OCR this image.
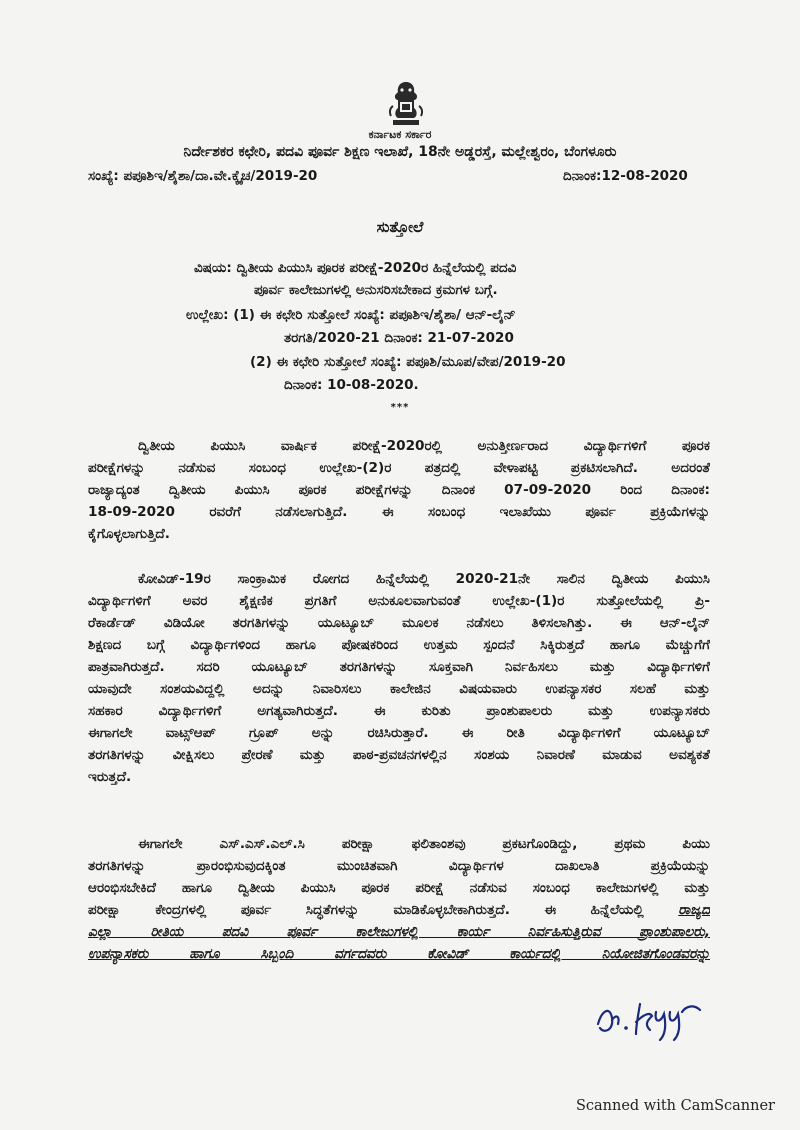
ಕರ್ನಾಟಕ ಸರ್ಕಾರ
ನಿರ್ದೇಶಕರ ಕಛೇರಿ, ಪದವಿ ಪೂರ್ವ ಶಿಕ್ಷಣ ಇಲಾಖೆ, 18ನೇ ಅಡ್ಡರಸ್ತೆ, ಮಲ್ಲೇಶ್ವರಂ, ಬೆಂಗಳೂರು
ಸಂಖ್ಯೆ: ಪಪೂಶಿಇ/ಶೈಶಾ/ದಾ.ವೇ.ಕ್ಕೈಚ/2019-20	ದಿನಾಂಕ:12-08-2020
ಸುತ್ತೋಲೆ
ವಿಷಯ: ದ್ವಿತೀಯ ಪಿಯುಸಿ ಪೂರಕ ಪರೀಕ್ಷೆ-2020ರ ಹಿನ್ನೆಲೆಯಲ್ಲಿ ಪದವಿ
ಪೂರ್ವ ಕಾಲೇಜುಗಳಲ್ಲಿ ಅನುಸರಿಸಬೇಕಾದ ಕ್ರಮಗಳ ಬಗ್ಗೆ.
ಉಲ್ಲೇಖ: (1) ಈ ಕಛೇರಿ ಸುತ್ತೋಲೆ ಸಂಖ್ಯೆ: ಪಪೂಶಿಇ/ಶೈಶಾ/ ಆನ್-ಲೈನ್
ತರಗತಿ/2020-21 ದಿನಾಂಕ: 21-07-2020
(2) ಈ ಕಛೇರಿ ಸುತ್ತೋಲೆ ಸಂಖ್ಯೆ: ಪಪೂಶಿ/ಮೂಪ/ವೇಪ/2019-20
ದಿನಾಂಕ: 10-08-2020.
***
ದ್ವಿತೀಯ ಪಿಯುಸಿ ವಾರ್ಷಿಕ ಪರೀಕ್ಷೆ-2020ರಲ್ಲಿ ಅನುತ್ತೀರ್ಣರಾದ ವಿದ್ಯಾರ್ಥಿಗಳಿಗೆ ಪೂರಕ
ಪರೀಕ್ಷೆಗಳನ್ನು ನಡೆಸುವ ಸಂಬಂಧ ಉಲ್ಲೇಖ-(2)ರ ಪತ್ರದಲ್ಲಿ ವೇಳಾಪಟ್ಟಿ ಪ್ರಕಟಿಸಲಾಗಿದೆ. ಅದರಂತೆ
ರಾಜ್ಯಾದ್ಯಂತ ದ್ವಿತೀಯ ಪಿಯುಸಿ ಪೂರಕ ಪರೀಕ್ಷೆಗಳನ್ನು ದಿನಾಂಕ 07-09-2020 ರಿಂದ ದಿನಾಂಕ:
18-09-2020 ರವರೆಗೆ ನಡೆಸಲಾಗುತ್ತಿದೆ. ಈ ಸಂಬಂಧ ಇಲಾಖೆಯು ಪೂರ್ವ ಪ್ರಕ್ರಿಯೆಗಳನ್ನು
ಕೈಗೊಳ್ಳಲಾಗುತ್ತಿದೆ.
ಕೋವಿಡ್-19ರ ಸಾಂಕ್ರಾಮಿಕ ರೋಗದ ಹಿನ್ನೆಲೆಯಲ್ಲಿ 2020-21ನೇ ಸಾಲಿನ ದ್ವಿತೀಯ ಪಿಯುಸಿ
ವಿದ್ಯಾರ್ಥಿಗಳಿಗೆ ಅವರ ಶೈಕ್ಷಣಿಕ ಪ್ರಗತಿಗೆ ಅನುಕೂಲವಾಗುವಂತೆ ಉಲ್ಲೇಖ-(1)ರ ಸುತ್ತೋಲೆಯಲ್ಲಿ ಪ್ರಿ-
ರೆಕಾರ್ಡೆಡ್ ವಿಡಿಯೋ ತರಗತಿಗಳನ್ನು ಯೂಟ್ಯೂಬ್ ಮೂಲಕ ನಡೆಸಲು ತಿಳಿಸಲಾಗಿತ್ತು. ಈ ಆನ್-ಲೈನ್
ಶಿಕ್ಷಣದ ಬಗ್ಗೆ ವಿದ್ಯಾರ್ಥಿಗಳಿಂದ ಹಾಗೂ ಪೋಷಕರಿಂದ ಉತ್ತಮ ಸ್ಪಂದನೆ ಸಿಕ್ಕಿರುತ್ತದೆ ಹಾಗೂ ಮೆಚ್ಚುಗೆಗೆ
ಪಾತ್ರವಾಗಿರುತ್ತದೆ. ಸದರಿ ಯೂಟ್ಯೂಬ್ ತರಗತಿಗಳನ್ನು ಸೂಕ್ತವಾಗಿ ನಿರ್ವಹಿಸಲು ಮತ್ತು ವಿದ್ಯಾರ್ಥಿಗಳಿಗೆ
ಯಾವುದೇ ಸಂಶಯವಿದ್ದಲ್ಲಿ ಅದನ್ನು ನಿವಾರಿಸಲು ಕಾಲೇಜಿನ ವಿಷಯವಾರು ಉಪನ್ಯಾಸಕರ ಸಲಹೆ ಮತ್ತು
ಸಹಕಾರ ವಿದ್ಯಾರ್ಥಿಗಳಿಗೆ ಅಗತ್ಯವಾಗಿರುತ್ತದೆ. ಈ ಕುರಿತು ಪ್ರಾಂಶುಪಾಲರು ಮತ್ತು ಉಪನ್ಯಾಸಕರು
ಈಗಾಗಲೇ ವಾಟ್ಸ್‌ಆಪ್ ಗ್ರೂಪ್ ಅನ್ನು ರಚಿಸಿರುತ್ತಾರೆ. ಈ ರೀತಿ ವಿದ್ಯಾರ್ಥಿಗಳಿಗೆ ಯೂಟ್ಯೂಬ್
ತರಗತಿಗಳನ್ನು ವೀಕ್ಷಿಸಲು ಪ್ರೇರಣೆ ಮತ್ತು ಪಾಠ-ಪ್ರವಚನಗಳಲ್ಲಿನ ಸಂಶಯ ನಿವಾರಣೆ ಮಾಡುವ ಅವಶ್ಯಕತೆ
ಇರುತ್ತದೆ.
ಈಗಾಗಲೇ ಎಸ್.ಎಸ್.ಎಲ್.ಸಿ ಪರೀಕ್ಷಾ ಫಲಿತಾಂಶವು ಪ್ರಕಟಗೊಂಡಿದ್ದು, ಪ್ರಥಮ ಪಿಯು
ತರಗತಿಗಳನ್ನು ಪ್ರಾರಂಭಿಸುವುದಕ್ಕಿಂತ ಮುಂಚಿತವಾಗಿ ವಿದ್ಯಾರ್ಥಿಗಳ ದಾಖಲಾತಿ ಪ್ರಕ್ರಿಯೆಯನ್ನು
ಆರಂಭಿಸಬೇಕಿದೆ ಹಾಗೂ ದ್ವಿತೀಯ ಪಿಯುಸಿ ಪೂರಕ ಪರೀಕ್ಷೆ ನಡೆಸುವ ಸಂಬಂಧ ಕಾಲೇಜುಗಳಲ್ಲಿ ಮತ್ತು
ಪರೀಕ್ಷಾ ಕೇಂದ್ರಗಳಲ್ಲಿ ಪೂರ್ವ ಸಿದ್ಧತೆಗಳನ್ನು ಮಾಡಿಕೊಳ್ಳಬೇಕಾಗಿರುತ್ತದೆ. ಈ ಹಿನ್ನೆಲೆಯಲ್ಲಿ	ರಾಜ್ಯದ
ಎಲ್ಲಾ ರೀತಿಯ ಪದವಿ ಪೂರ್ವ ಕಾಲೇಜುಗಳಲ್ಲಿ ಕಾರ್ಯ ನಿರ್ವಹಿಸುತ್ತಿರುವ ಪ್ರಾಂಶುಪಾಲರು,
ಉಪನ್ಯಾಸಕರು ಹಾಗೂ ಸಿಬ್ಬಂದಿ ವರ್ಗದವರು ಕೋವಿಡ್ ಕಾರ್ಯದಲ್ಲಿ ನಿಯೋಜಿತಗೊಂಡವರನ್ನು
Scanned with CamScanner
